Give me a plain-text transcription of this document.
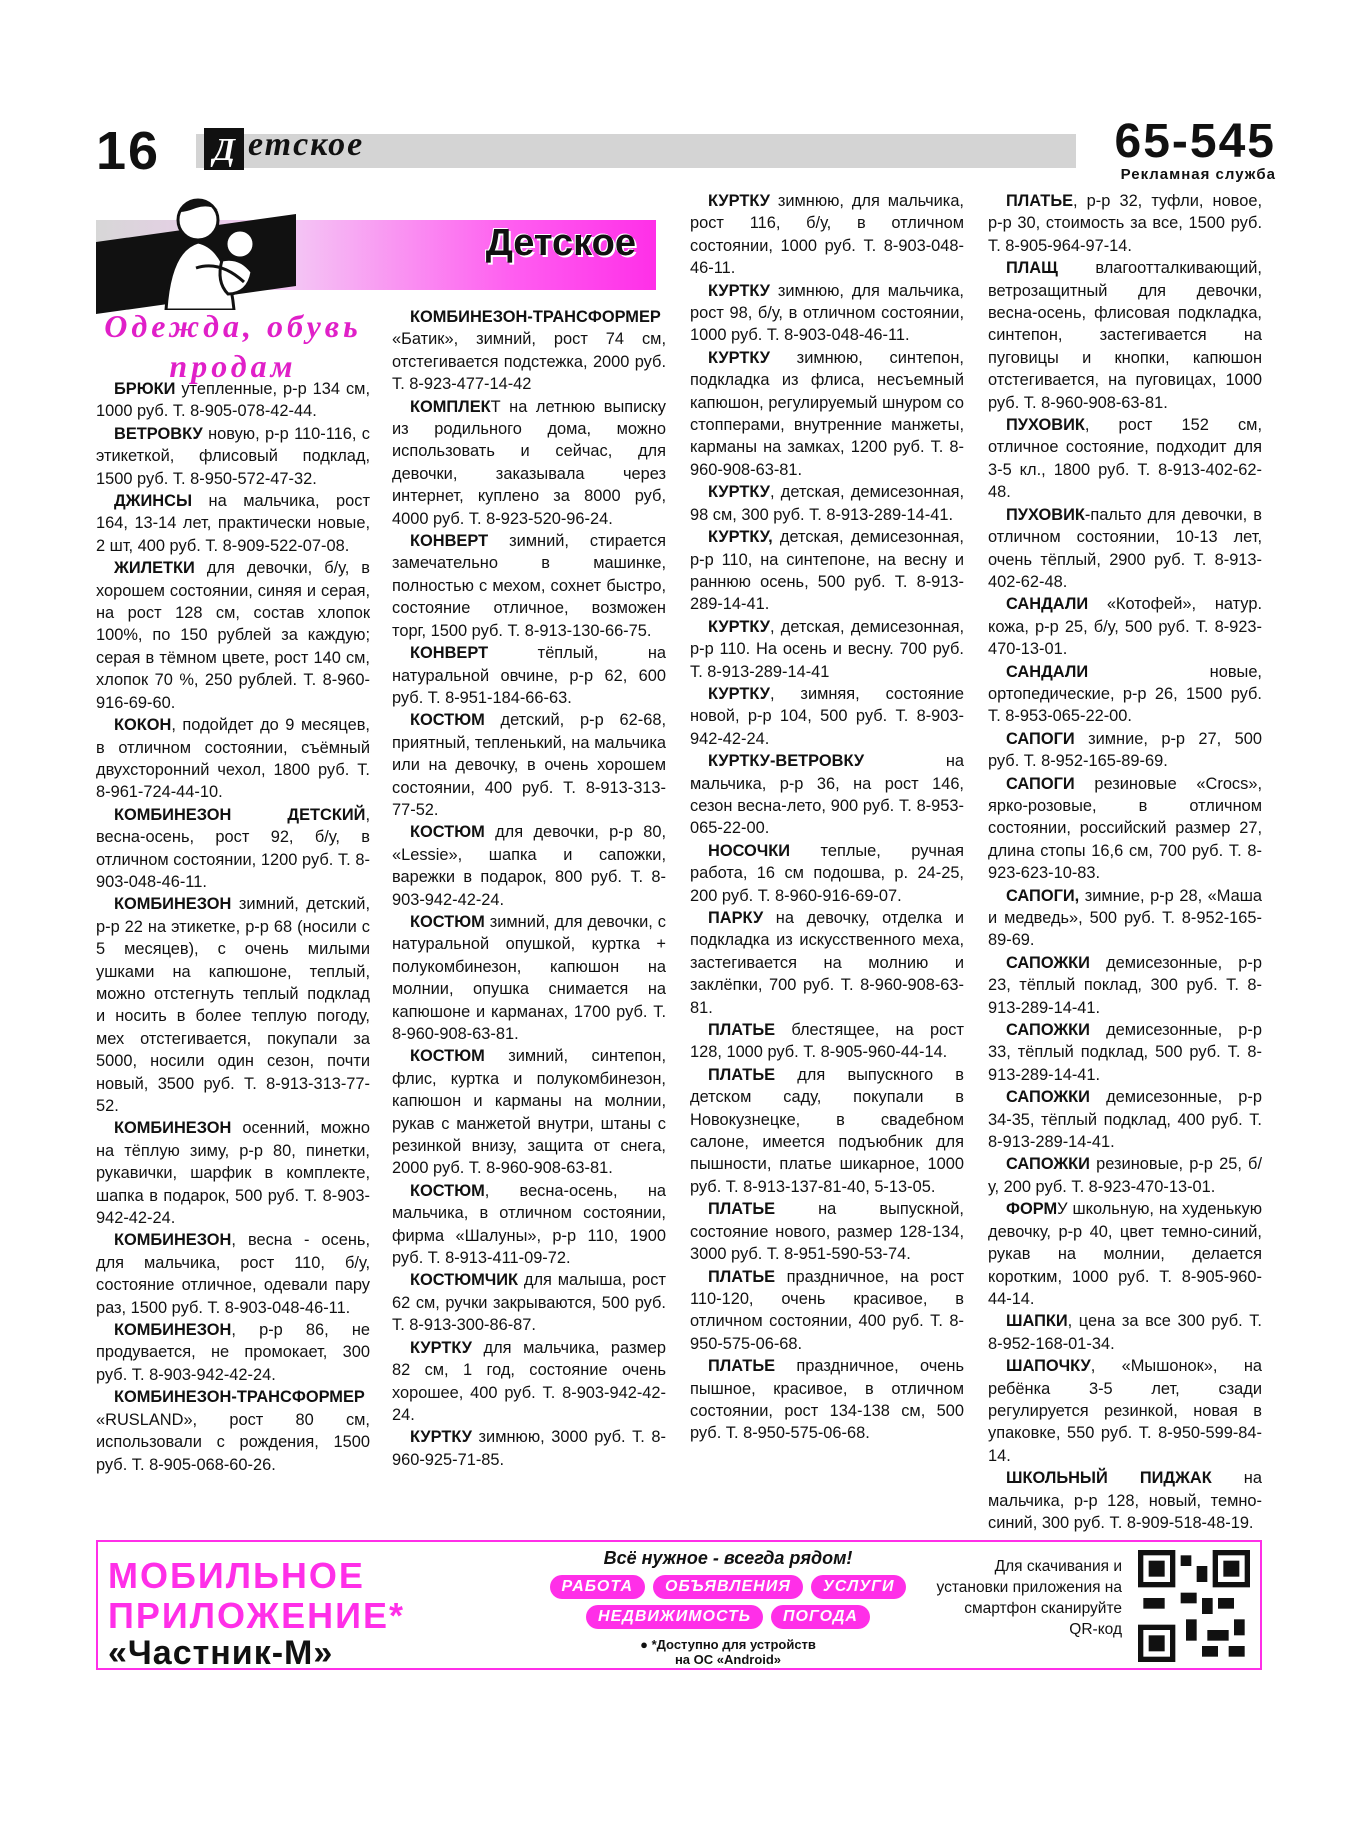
16 Д етское	65-545
Рекламная служба
Детское
Одежда, обувь продам

БРЮКИ утепленные, р-р 134 см, 1000 руб. Т. 8-905-078-42-44.

ВЕТРОВКУ новую, р-р 110-116, с этикеткой, флисовый подклад, 1500 руб. Т. 8-950-572-47-32.

ДЖИНСЫ на мальчика, рост 164, 13-14 лет, практически новые, 2 шт, 400 руб. Т. 8-909-522-07-08.

ЖИЛЕТКИ для девочки, б/у, в хорошем состоянии, синяя и серая, на рост 128 см, состав хлопок 100%, по 150 рублей за каждую; серая в тёмном цвете, рост 140 см, хлопок 70 %, 250 рублей. Т. 8-960-916-69-60.

КОКОН, подойдет до 9 месяцев, в отличном состоянии, съёмный двухсторонний чехол, 1800 руб. Т. 8-961-724-44-10.

КОМБИНЕЗОН ДЕТСКИЙ, весна-осень, рост 92, б/у, в отличном состоянии, 1200 руб. Т. 8-903-048-46-11.

КОМБИНЕЗОН зимний, детский, р-р 22 на этикетке, р-р 68 (носили с 5 месяцев), с очень милыми ушками на капюшоне, теплый, можно отстегнуть теплый подклад и носить в более теплую погоду, мех отстегивается, покупали за 5000, носили один сезон, почти новый, 3500 руб. Т. 8-913-313-77-52.

КОМБИНЕЗОН осенний, можно на тёплую зиму, р-р 80, пинетки, рукавички, шарфик в комплекте, шапка в подарок, 500 руб. Т. 8-903-942-42-24.

КОМБИНЕЗОН, весна - осень, для мальчика, рост 110, б/у, состояние отличное, одевали пару раз, 1500 руб. Т. 8-903-048-46-11.

КОМБИНЕЗОН, р-р 86, не продувается, не промокает, 300 руб. Т. 8-903-942-42-24.

КОМБИНЕЗОН-ТРАНСФОРМЕР «RUSLAND», рост 80 см, использовали с рождения, 1500 руб. Т. 8-905-068-60-26.

КОМБИНЕЗОН-ТРАНСФОРМЕР «Батик», зимний, рост 74 см, отстегивается подстежка, 2000 руб. Т. 8-923-477-14-42

КОМПЛЕКТ на летнюю выписку из родильного дома, можно использовать и сейчас, для девочки, заказывала через интернет, куплено за 8000 руб, 4000 руб. Т. 8-923-520-96-24.

КОНВЕРТ зимний, стирается замечательно в машинке, полностью с мехом, сохнет быстро, состояние отличное, возможен торг, 1500 руб. Т. 8-913-130-66-75.

КОНВЕРТ тёплый, на натуральной овчине, р-р 62, 600 руб. Т. 8-951-184-66-63.

КОСТЮМ детский, р-р 62-68, приятный, тепленький, на мальчика или на девочку, в очень хорошем состоянии, 400 руб. Т. 8-913-313-77-52.

КОСТЮМ для девочки, р-р 80, «Lessie», шапка и сапожки, варежки в подарок, 800 руб. Т. 8-903-942-42-24.

КОСТЮМ зимний, для девочки, с натуральной опушкой, куртка + полукомбинезон, капюшон на молнии, опушка снимается на капюшоне и карманах, 1700 руб. Т. 8-960-908-63-81.

КОСТЮМ зимний, синтепон, флис, куртка и полукомбинезон, капюшон и карманы на молнии, рукав с манжетой внутри, штаны с резинкой внизу, защита от снега, 2000 руб. Т. 8-960-908-63-81.

КОСТЮМ, весна-осень, на мальчика, в отличном состоянии, фирма «Шалуны», р-р 110, 1900 руб. Т. 8-913-411-09-72.

КОСТЮМЧИК для малыша, рост 62 см, ручки закрываются, 500 руб. Т. 8-913-300-86-87.

КУРТКУ для мальчика, размер 82 см, 1 год, состояние очень хорошее, 400 руб. Т. 8-903-942-42-24.

КУРТКУ зимнюю, 3000 руб. Т. 8-960-925-71-85.

КУРТКУ зимнюю, для мальчика, рост 116, б/у, в отличном состоянии, 1000 руб. Т. 8-903-048-46-11.

КУРТКУ зимнюю, для мальчика, рост 98, б/у, в отличном состоянии, 1000 руб. Т. 8-903-048-46-11.

КУРТКУ зимнюю, синтепон, подкладка из флиса, несъемный капюшон, регулируемый шнуром со стопперами, внутренние манжеты, карманы на замках, 1200 руб. Т. 8-960-908-63-81.

КУРТКУ, детская, демисезонная, 98 см, 300 руб. Т. 8-913-289-14-41.

КУРТКУ, детская, демисезонная, р-р 110, на синтепоне, на весну и раннюю осень, 500 руб. Т. 8-913-289-14-41.

КУРТКУ, детская, демисезонная, р-р 110. На осень и весну. 700 руб. Т. 8-913-289-14-41

КУРТКУ, зимняя, состояние новой, р-р 104, 500 руб. Т. 8-903-942-42-24.

КУРТКУ-ВЕТРОВКУ на мальчика, р-р 36, на рост 146, сезон весна-лето, 900 руб. Т. 8-953-065-22-00.

НОСОЧКИ теплые, ручная работа, 16 см подошва, р. 24-25, 200 руб. Т. 8-960-916-69-07.

ПАРКУ на девочку, отделка и подкладка из искусственного меха, застегивается на молнию и заклёпки, 700 руб. Т. 8-960-908-63-81.

ПЛАТЬЕ блестящее, на рост 128, 1000 руб. Т. 8-905-960-44-14.

ПЛАТЬЕ для выпускного в детском саду, покупали в Новокузнецке, в свадебном салоне, имеется подъюбник для пышности, платье шикарное, 1000 руб. Т. 8-913-137-81-40, 5-13-05.

ПЛАТЬЕ на выпускной, состояние нового, размер 128-134, 3000 руб. Т. 8-951-590-53-74.

ПЛАТЬЕ праздничное, на рост 110-120, очень красивое, в отличном состоянии, 400 руб. Т. 8-950-575-06-68.

ПЛАТЬЕ праздничное, очень пышное, красивое, в отличном состоянии, рост 134-138 см, 500 руб. Т. 8-950-575-06-68.

ПЛАТЬЕ, р-р 32, туфли, новое, р-р 30, стоимость за все, 1500 руб. Т. 8-905-964-97-14.

ПЛАЩ влагоотталкивающий, ветрозащитный для девочки, весна-осень, флисовая подкладка, синтепон, застегивается на пуговицы и кнопки, капюшон отстегивается, на пуговицах, 1000 руб. Т. 8-960-908-63-81.

ПУХОВИК, рост 152 см, отличное состояние, подходит для 3-5 кл., 1800 руб. Т. 8-913-402-62-48.

ПУХОВИК-пальто для девочки, в отличном состоянии, 10-13 лет, очень тёплый, 2900 руб. Т. 8-913-402-62-48.

САНДАЛИ «Котофей», натур. кожа, р-р 25, б/у, 500 руб. Т. 8-923-470-13-01.

САНДАЛИ новые, ортопедические, р-р 26, 1500 руб. Т. 8-953-065-22-00.

САПОГИ зимние, р-р 27, 500 руб. Т. 8-952-165-89-69.

САПОГИ резиновые «Crocs», ярко-розовые, в отличном состоянии, российский размер 27, длина стопы 16,6 см, 700 руб. Т. 8-923-623-10-83.

САПОГИ, зимние, р-р 28, «Маша и медведь», 500 руб. Т. 8-952-165-89-69.

САПОЖКИ демисезонные, р-р 23, тёплый поклад, 300 руб. Т. 8-913-289-14-41.

САПОЖКИ демисезонные, р-р 33, тёплый подклад, 500 руб. Т. 8-913-289-14-41.

САПОЖКИ демисезонные, р-р 34-35, тёплый подклад, 400 руб. Т. 8-913-289-14-41.

САПОЖКИ резиновые, р-р 25, б/у, 200 руб. Т. 8-923-470-13-01.

ФОРМУ школьную, на худенькую девочку, р-р 40, цвет темно-синий, рукав на молнии, делается коротким, 1000 руб. Т. 8-905-960-44-14.

ШАПКИ, цена за все 300 руб. Т. 8-952-168-01-34.

ШАПОЧКУ, «Мышонок», на ребёнка 3-5 лет, сзади регулируется резинкой, новая в упаковке, 550 руб. Т. 8-950-599-84-14.

ШКОЛЬНЫЙ ПИДЖАК на мальчика, р-р 128, новый, темно-синий, 300 руб. Т. 8-909-518-48-19.

МОБИЛЬНОЕ
ПРИЛОЖЕНИЕ*
«Частник-М»
Всё нужное - всегда рядом!
РАБОТА	ОБЪЯВЛЕНИЯ	УСЛУГИ
НЕДВИЖИМОСТЬ	ПОГОДА
● *Доступно для устройств
на ОС «Android»
Для скачивания и установки приложения на смартфон сканируйте QR-код
